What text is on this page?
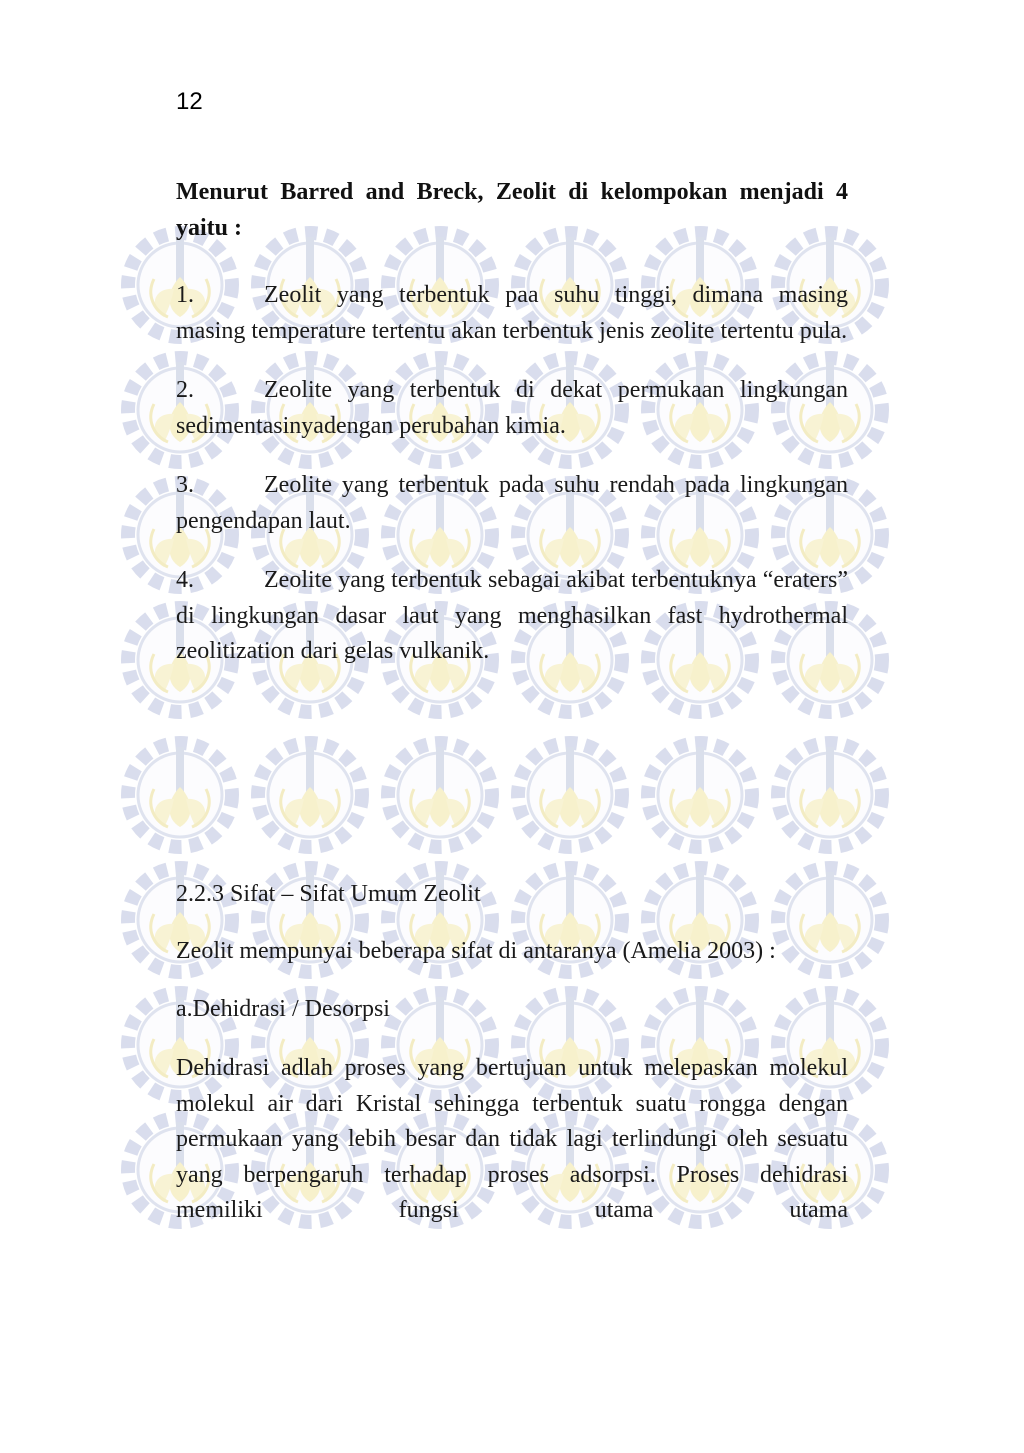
12

Menurut Barred and Breck, Zeolit di kelompokan menjadi 4 yaitu :

1.	Zeolit yang terbentuk paa suhu tinggi, dimana masing masing temperature tertentu akan terbentuk jenis zeolite tertentu pula.

2.	Zeolite yang terbentuk di dekat permukaan lingkungan sedimentasinyadengan perubahan kimia.

3.	Zeolite yang terbentuk pada suhu rendah pada lingkungan pengendapan laut.

4.	Zeolite yang terbentuk sebagai akibat terbentuknya “eraters” di lingkungan dasar laut yang menghasilkan fast hydrothermal zeolitization dari gelas vulkanik.

2.2.3 Sifat – Sifat Umum Zeolit

Zeolit mempunyai beberapa sifat di antaranya (Amelia 2003) :

a.Dehidrasi / Desorpsi

Dehidrasi adlah proses yang bertujuan untuk melepaskan molekul molekul air dari Kristal sehingga terbentuk suatu rongga dengan permukaan yang lebih besar dan tidak lagi terlindungi oleh sesuatu yang berpengaruh terhadap proses adsorpsi. Proses dehidrasi memiliki fungsi utama utama
